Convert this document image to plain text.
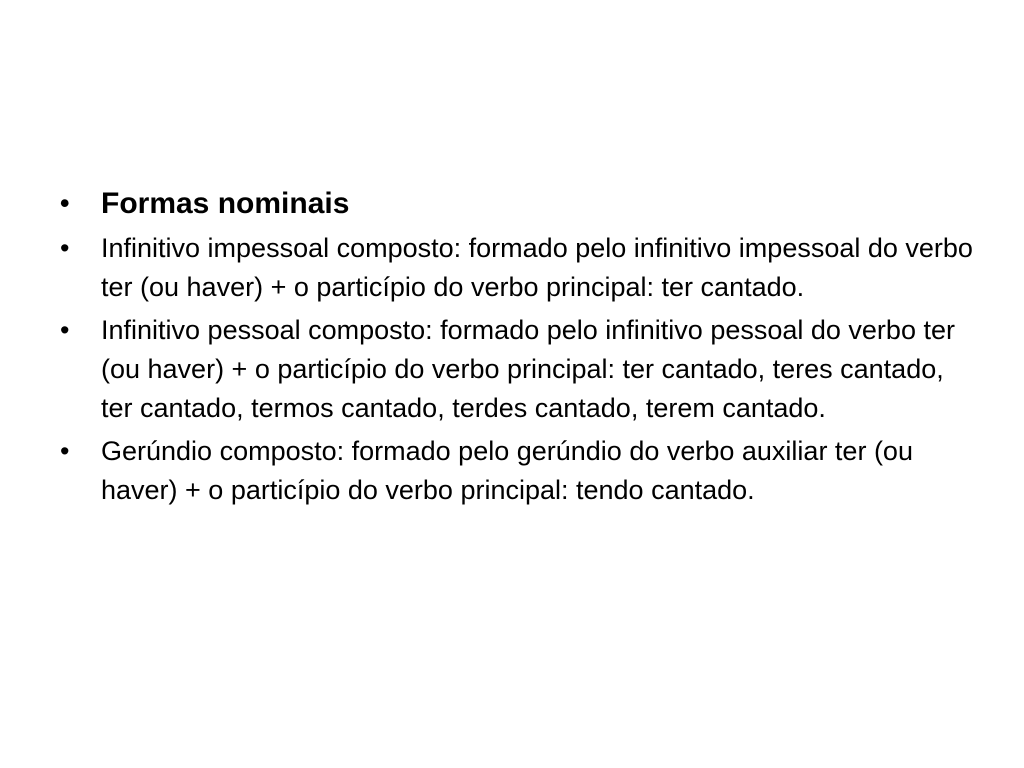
• Formas nominais
• Infinitivo impessoal composto: formado pelo infinitivo impessoal do verbo ter (ou haver) + o particípio do verbo principal: ter cantado.
• Infinitivo pessoal composto: formado pelo infinitivo pessoal do verbo ter (ou haver) + o particípio do verbo principal: ter cantado, teres cantado, ter cantado, termos cantado, terdes cantado, terem cantado.
• Gerúndio composto: formado pelo gerúndio do verbo auxiliar ter (ou haver) + o particípio do verbo principal: tendo cantado.
